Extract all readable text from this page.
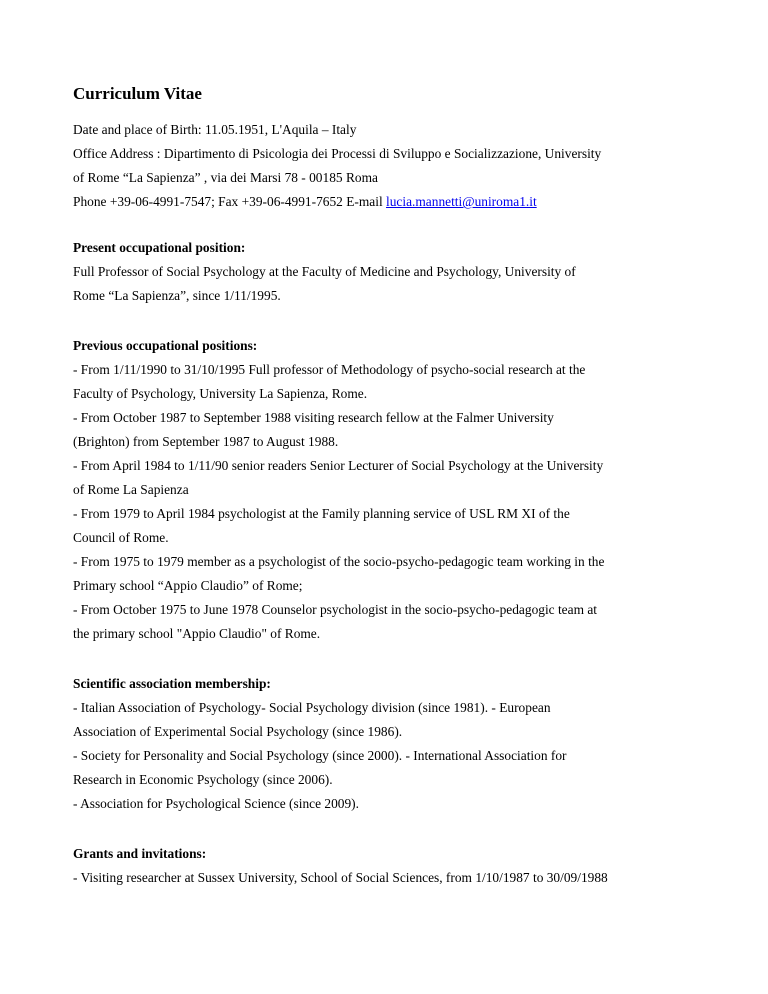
Curriculum Vitae
Date and place of Birth: 11.05.1951, L'Aquila – Italy
Office Address : Dipartimento di Psicologia dei Processi di Sviluppo e Socializzazione, University
of Rome “La Sapienza” , via dei Marsi 78 - 00185 Roma
Phone +39-06-4991-7547; Fax +39-06-4991-7652 E-mail lucia.mannetti@uniroma1.it
Present occupational position:
Full Professor of Social Psychology at the Faculty of Medicine and Psychology, University of
Rome “La Sapienza”, since 1/11/1995.
Previous occupational positions:
- From 1/11/1990 to 31/10/1995 Full professor of Methodology of psycho-social research at the
Faculty of Psychology, University La Sapienza, Rome.
- From October 1987 to September 1988 visiting research fellow at the Falmer University
(Brighton) from September 1987 to August 1988.
- From April 1984 to 1/11/90 senior readers Senior Lecturer of Social Psychology at the University
of Rome La Sapienza
- From 1979 to April 1984 psychologist at the Family planning service of USL RM XI of the
Council of Rome.
- From 1975 to 1979 member as a psychologist of the socio-psycho-pedagogic team working in the
Primary school “Appio Claudio” of Rome;
- From October 1975 to June 1978 Counselor psychologist in the socio-psycho-pedagogic team at
the primary school "Appio Claudio" of Rome.
Scientific association membership:
- Italian Association of Psychology- Social Psychology division (since 1981). - European
Association of Experimental Social Psychology (since 1986).
- Society for Personality and Social Psychology (since 2000). - International Association for
Research in Economic Psychology (since 2006).
- Association for Psychological Science (since 2009).
Grants and invitations:
- Visiting researcher at Sussex University, School of Social Sciences, from 1/10/1987 to 30/09/1988
